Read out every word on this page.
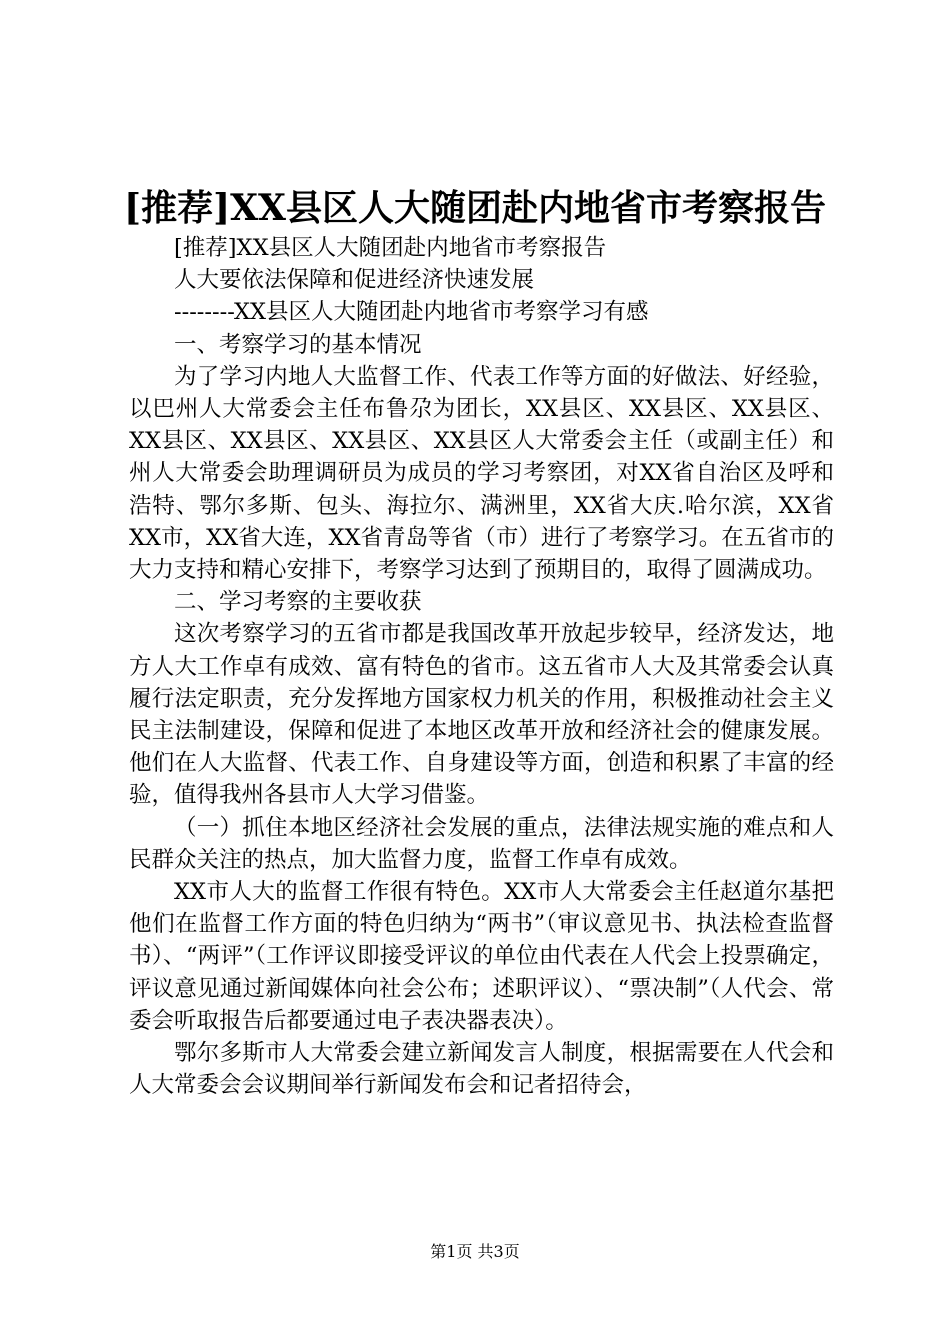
[推荐]XX县区人大随团赴内地省市考察报告

[推荐]XX县区人大随团赴内地省市考察报告

人大要依法保障和促进经济快速发展

--------XX县区人大随团赴内地省市考察学习有感

一、考察学习的基本情况

为了学习内地人大监督工作、代表工作等方面的好做法、好经验，以巴州人大常委会主任布鲁尕为团长，XX县区、XX县区、XX县区、XX县区、XX县区、XX县区、XX县区人大常委会主任（或副主任）和州人大常委会助理调研员为成员的学习考察团，对XX省自治区及呼和浩特、鄂尔多斯、包头、海拉尔、满洲里，XX省大庆.哈尔滨，XX省XX市，XX省大连，XX省青岛等省（市）进行了考察学习。在五省市的大力支持和精心安排下，考察学习达到了预期目的，取得了圆满成功。

二、学习考察的主要收获

这次考察学习的五省市都是我国改革开放起步较早，经济发达，地方人大工作卓有成效、富有特色的省市。这五省市人大及其常委会认真履行法定职责，充分发挥地方国家权力机关的作用，积极推动社会主义民主法制建设，保障和促进了本地区改革开放和经济社会的健康发展。他们在人大监督、代表工作、自身建设等方面，创造和积累了丰富的经验，值得我州各县市人大学习借鉴。

（一）抓住本地区经济社会发展的重点，法律法规实施的难点和人民群众关注的热点，加大监督力度，监督工作卓有成效。

XX市人大的监督工作很有特色。XX市人大常委会主任赵道尔基把他们在监督工作方面的特色归纳为“两书”（审议意见书、执法检查监督书）、“两评”（工作评议即接受评议的单位由代表在人代会上投票确定，评议意见通过新闻媒体向社会公布；述职评议）、“票决制”（人代会、常委会听取报告后都要通过电子表决器表决）。

鄂尔多斯市人大常委会建立新闻发言人制度，根据需要在人代会和人大常委会会议期间举行新闻发布会和记者招待会，

第1页 共3页
